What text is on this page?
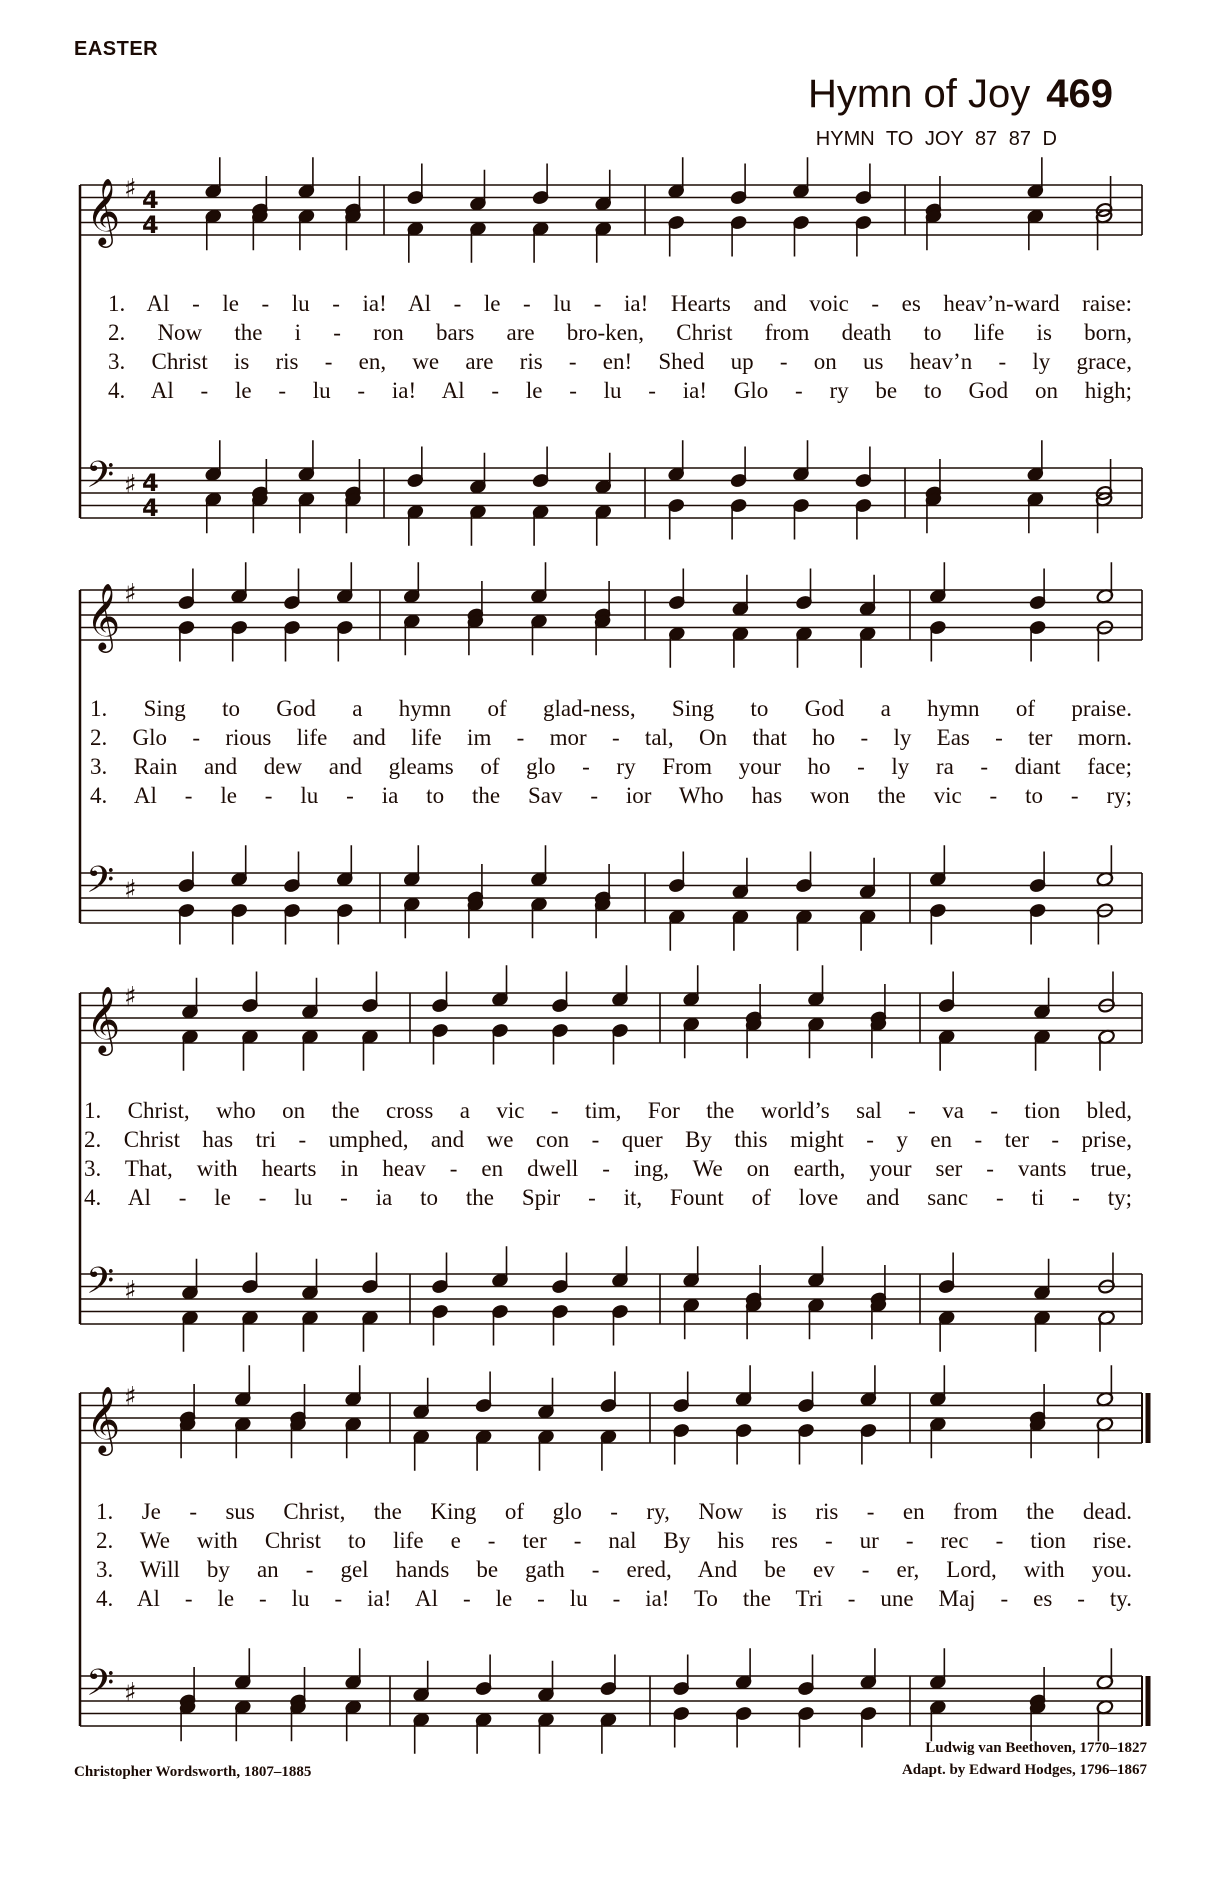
EASTER
Hymn of Joy 469
HYMN TO JOY 87 87 D
𝄞 ♯ 4
4
𝄢 ♯ 4
4
𝄞 ♯
𝄢 ♯
𝄞 ♯
𝄢 ♯
𝄞 ♯
𝄢 ♯
1. Al - le - lu - ia! Al - le - lu - ia! Hearts and voic - es heav’n-ward raise:
2. Now the i - ron bars are bro-ken, Christ from death to life is born,
3. Christ is ris - en, we are ris - en! Shed up - on us heav’n - ly grace,
4. Al - le - lu - ia! Al - le - lu - ia! Glo - ry be to God on high;
1. Sing to God a hymn of glad-ness, Sing to God a hymn of praise.
2. Glo - rious life and life im - mor - tal, On that ho - ly Eas - ter morn.
3. Rain and dew and gleams of glo - ry From your ho - ly ra - diant face;
4. Al - le - lu - ia to the Sav - ior Who has won the vic - to - ry;
1. Christ, who on the cross a vic - tim, For the world’s sal - va - tion bled,
2. Christ has tri - umphed, and we con - quer By this might - y en - ter - prise,
3. That, with hearts in heav - en dwell - ing, We on earth, your ser - vants true,
4. Al - le - lu - ia to the Spir - it, Fount of love and sanc - ti - ty;
1. Je - sus Christ, the King of glo - ry, Now is ris - en from the dead.
2. We with Christ to life e - ter - nal By his res - ur - rec - tion rise.
3. Will by an - gel hands be gath - ered, And be ev - er, Lord, with you.
4. Al - le - lu - ia! Al - le - lu - ia! To the Tri - une Maj - es - ty.
Ludwig van Beethoven, 1770–1827
Adapt. by Edward Hodges, 1796–1867
Christopher Wordsworth, 1807–1885
